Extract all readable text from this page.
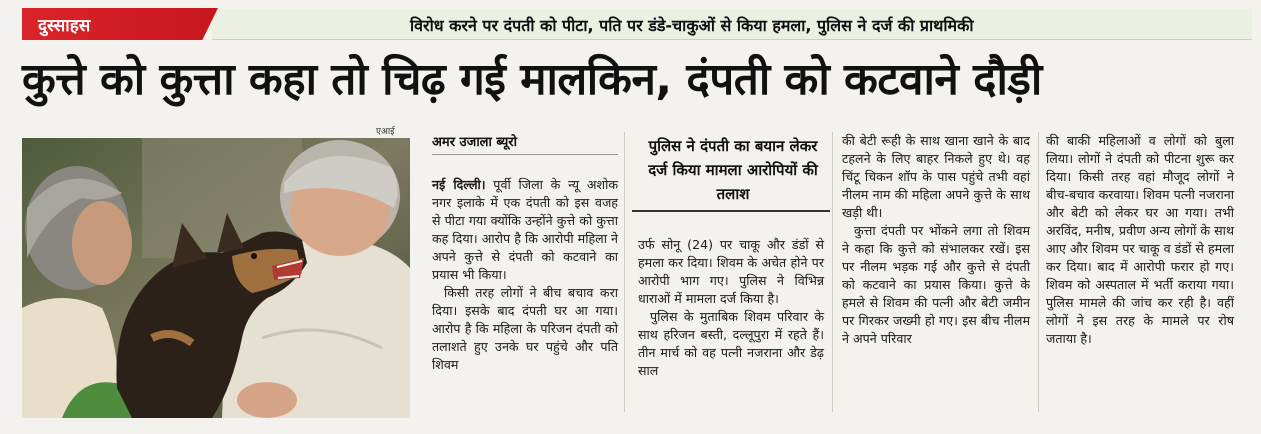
दुस्साहस	विरोध करने पर दंपती को पीटा, पति पर डंडे-चाकुओं से किया हमला, पुलिस ने दर्ज की प्राथमिकी
कुत्ते को कुत्ता कहा तो चिढ़ गई मालकिन, दंपती को कटवाने दौड़ी
एआई
अमर उजाला ब्यूरो

नई दिल्ली। पूर्वी जिला के न्यू अशोक नगर इलाके में एक दंपती को इस वजह से पीटा गया क्योंकि उन्होंने कुत्ते को कुत्ता कह दिया। आरोप है कि आरोपी महिला ने अपने कुत्ते से दंपती को कटवाने का प्रयास भी किया।

किसी तरह लोगों ने बीच बचाव करा दिया। इसके बाद दंपती घर आ गया।आरोप है कि महिला के परिजन दंपती को तलाशते हुए उनके घर पहुंचे और पति शिवम

पुलिस ने दंपती का बयान लेकर दर्ज किया मामला आरोपियों की तलाश

उर्फ सोनू (24) पर चाकू और डंडों से हमला कर दिया। शिवम के अचेत होने पर आरोपी भाग गए। पुलिस ने विभिन्न धाराओं में मामला दर्ज किया है।

पुलिस के मुताबिक शिवम परिवार के साथ हरिजन बस्ती, दल्लूपुरा में रहते हैं। तीन मार्च को वह पत्नी नजराना और डेढ़ साल

की बेटी रूही के साथ खाना खाने के बाद टहलने के लिए बाहर निकले हुए थे। वह चिंटू चिकन शॉप के पास पहुंचे तभी वहां नीलम नाम की महिला अपने कुत्ते के साथ खड़ी थी।

कुत्ता दंपती पर भोंकने लगा तो शिवम ने कहा कि कुत्ते को संभालकर रखें। इस पर नीलम भड़क गई और कुत्ते से दंपती को कटवाने का प्रयास किया। कुत्ते के हमले से शिवम की पत्नी और बेटी जमीन पर गिरकर जख्मी हो गए। इस बीच नीलम ने अपने परिवार

की बाकी महिलाओं व लोगों को बुला लिया। लोगों ने दंपती को पीटना शुरू कर दिया। किसी तरह वहां मौजूद लोगों ने बीच-बचाव करवाया। शिवम पत्नी नजराना और बेटी को लेकर घर आ गया। तभी अरविंद, मनीष, प्रवीण अन्य लोगों के साथ आए और शिवम पर चाकू व डंडों से हमला कर दिया। बाद में आरोपी फरार हो गए। शिवम को अस्पताल में भर्ती कराया गया। पुलिस मामले की जांच कर रही है। वहीं लोगों ने इस तरह के मामले पर रोष जताया है।
